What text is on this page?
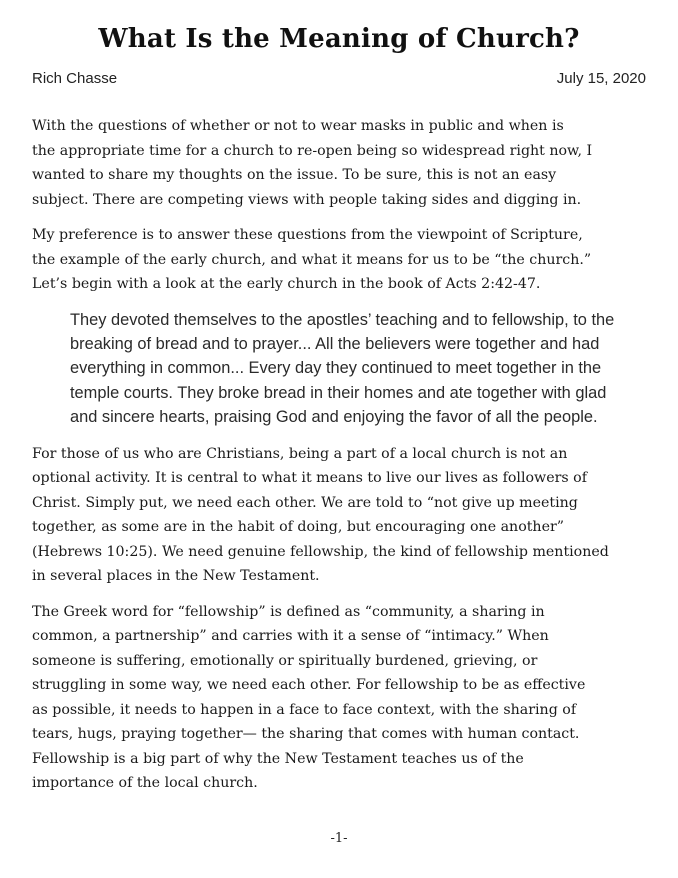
What Is the Meaning of Church?
Rich Chasse	July 15, 2020

With the questions of whether or not to wear masks in public and when is
the appropriate time for a church to re-open being so widespread right now, I
wanted to share my thoughts on the issue. To be sure, this is not an easy
subject. There are competing views with people taking sides and digging in.

My preference is to answer these questions from the viewpoint of Scripture,
the example of the early church, and what it means for us to be “the church.”
Let’s begin with a look at the early church in the book of Acts 2:42-47.

They devoted themselves to the apostles’ teaching and to fellowship, to the
breaking of bread and to prayer... All the believers were together and had
everything in common... Every day they continued to meet together in the
temple courts. They broke bread in their homes and ate together with glad
and sincere hearts, praising God and enjoying the favor of all the people.

For those of us who are Christians, being a part of a local church is not an
optional activity. It is central to what it means to live our lives as followers of
Christ. Simply put, we need each other. We are told to “not give up meeting
together, as some are in the habit of doing, but encouraging one another”
(Hebrews 10:25). We need genuine fellowship, the kind of fellowship mentioned
in several places in the New Testament.

The Greek word for “fellowship” is defined as “community, a sharing in
common, a partnership” and carries with it a sense of “intimacy.” When
someone is suffering, emotionally or spiritually burdened, grieving, or
struggling in some way, we need each other. For fellowship to be as effective
as possible, it needs to happen in a face to face context, with the sharing of
tears, hugs, praying together— the sharing that comes with human contact.
Fellowship is a big part of why the New Testament teaches us of the
importance of the local church.

-1-
